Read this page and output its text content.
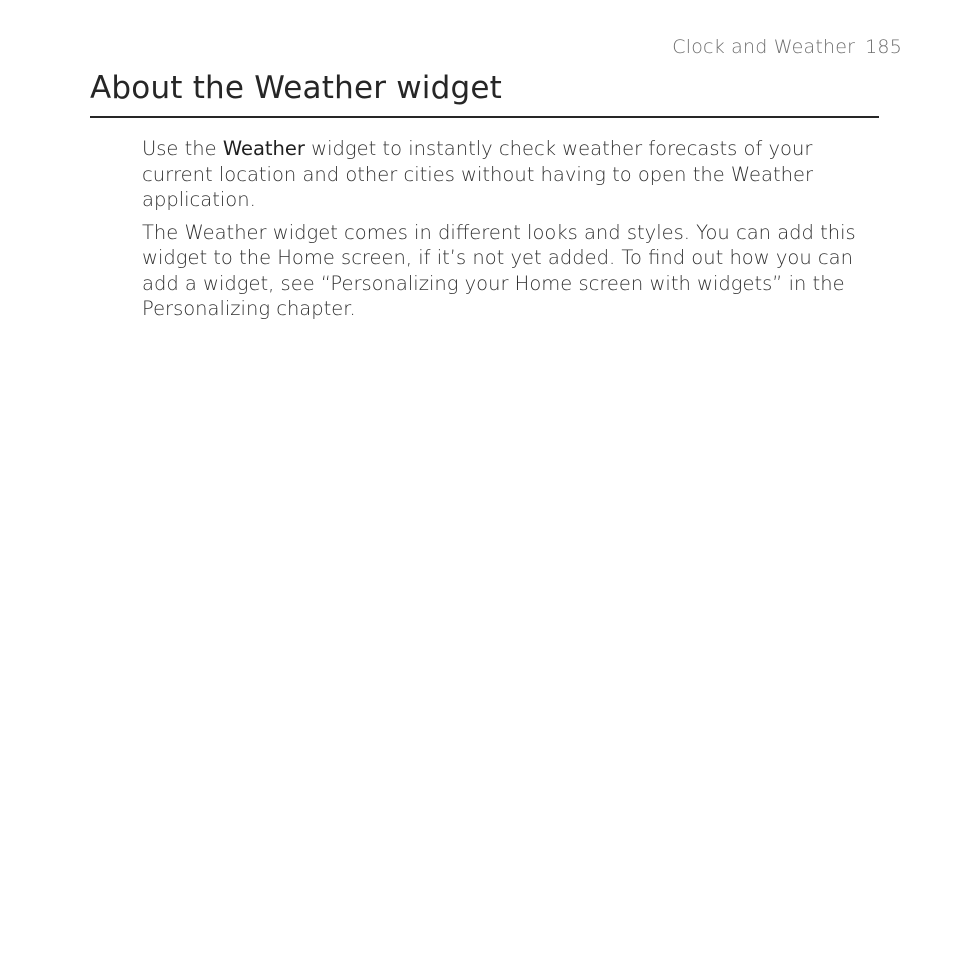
Clock and Weather 185
About the Weather widget

Use the Weather widget to instantly check weather forecasts of your current location and other cities without having to open the Weather application.

The Weather widget comes in different looks and styles. You can add this widget to the Home screen, if it’s not yet added. To find out how you can add a widget, see “Personalizing your Home screen with widgets” in the Personalizing chapter.
